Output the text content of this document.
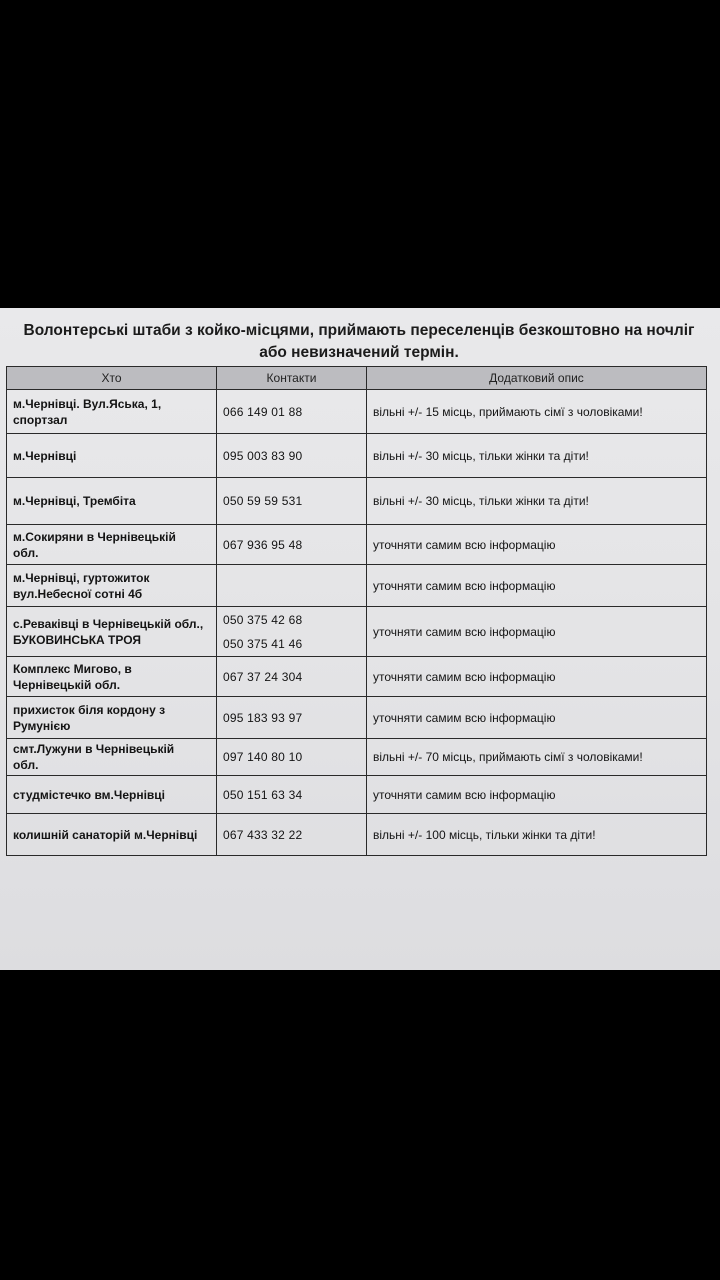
Волонтерські штаби з койко-місцями, приймають переселенців безкоштовно на ночліг
або невизначений термін.
Хто	Контакти	Додатковий опис

м.Чернівці. Вул.Яська, 1,
спортзал	066 149 01 88	вільні +/- 15 місць, приймають сімї з чоловіками!

м.Чернівці	095 003 83 90	вільні +/- 30 місць, тільки жінки та діти!

м.Чернівці, Трембіта	050 59 59 531	вільні +/- 30 місць, тільки жінки та діти!

м.Сокиряни в Чернівецькій
обл.	067 936 95 48	уточняти самим всю інформацію

м.Чернівці, гуртожиток
вул.Небесної сотні 4б		уточняти самим всю інформацію

с.Реваківці в Чернівецькій обл.,
БУКОВИНСЬКА ТРОЯ	050 375 42 68
050 375 41 46	уточняти самим всю інформацію

Комплекс Мигово, в
Чернівецькій обл.	067 37 24 304	уточняти самим всю інформацію

прихисток біля кордону з
Румунією	095 183 93 97	уточняти самим всю інформацію

смт.Лужуни в Чернівецькій
обл.	097 140 80 10	вільні +/- 70 місць, приймають сімї з чоловіками!

студмістечко вм.Чернівці	050 151 63 34	уточняти самим всю інформацію

колишній санаторій м.Чернівці	067 433 32 22	вільні +/- 100 місць, тільки жінки та діти!
